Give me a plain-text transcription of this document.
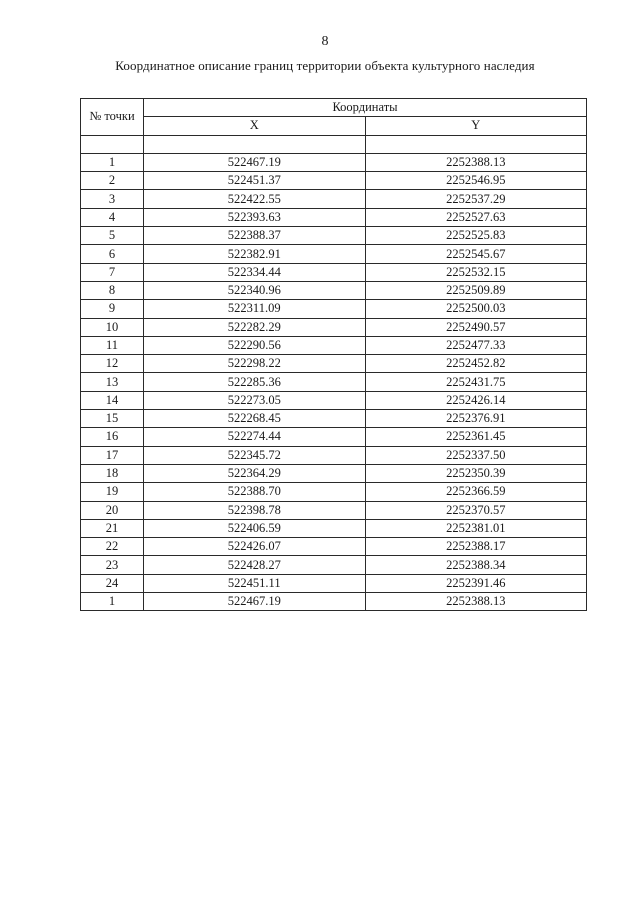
8
Координатное описание границ территории объекта культурного наследия
№ точки	Координаты	
	X	Y

1	522467.19	2252388.13
2	522451.37	2252546.95
3	522422.55	2252537.29
4	522393.63	2252527.63
5	522388.37	2252525.83
6	522382.91	2252545.67
7	522334.44	2252532.15
8	522340.96	2252509.89
9	522311.09	2252500.03
10	522282.29	2252490.57
11	522290.56	2252477.33
12	522298.22	2252452.82
13	522285.36	2252431.75
14	522273.05	2252426.14
15	522268.45	2252376.91
16	522274.44	2252361.45
17	522345.72	2252337.50
18	522364.29	2252350.39
19	522388.70	2252366.59
20	522398.78	2252370.57
21	522406.59	2252381.01
22	522426.07	2252388.17
23	522428.27	2252388.34
24	522451.11	2252391.46
1	522467.19	2252388.13
